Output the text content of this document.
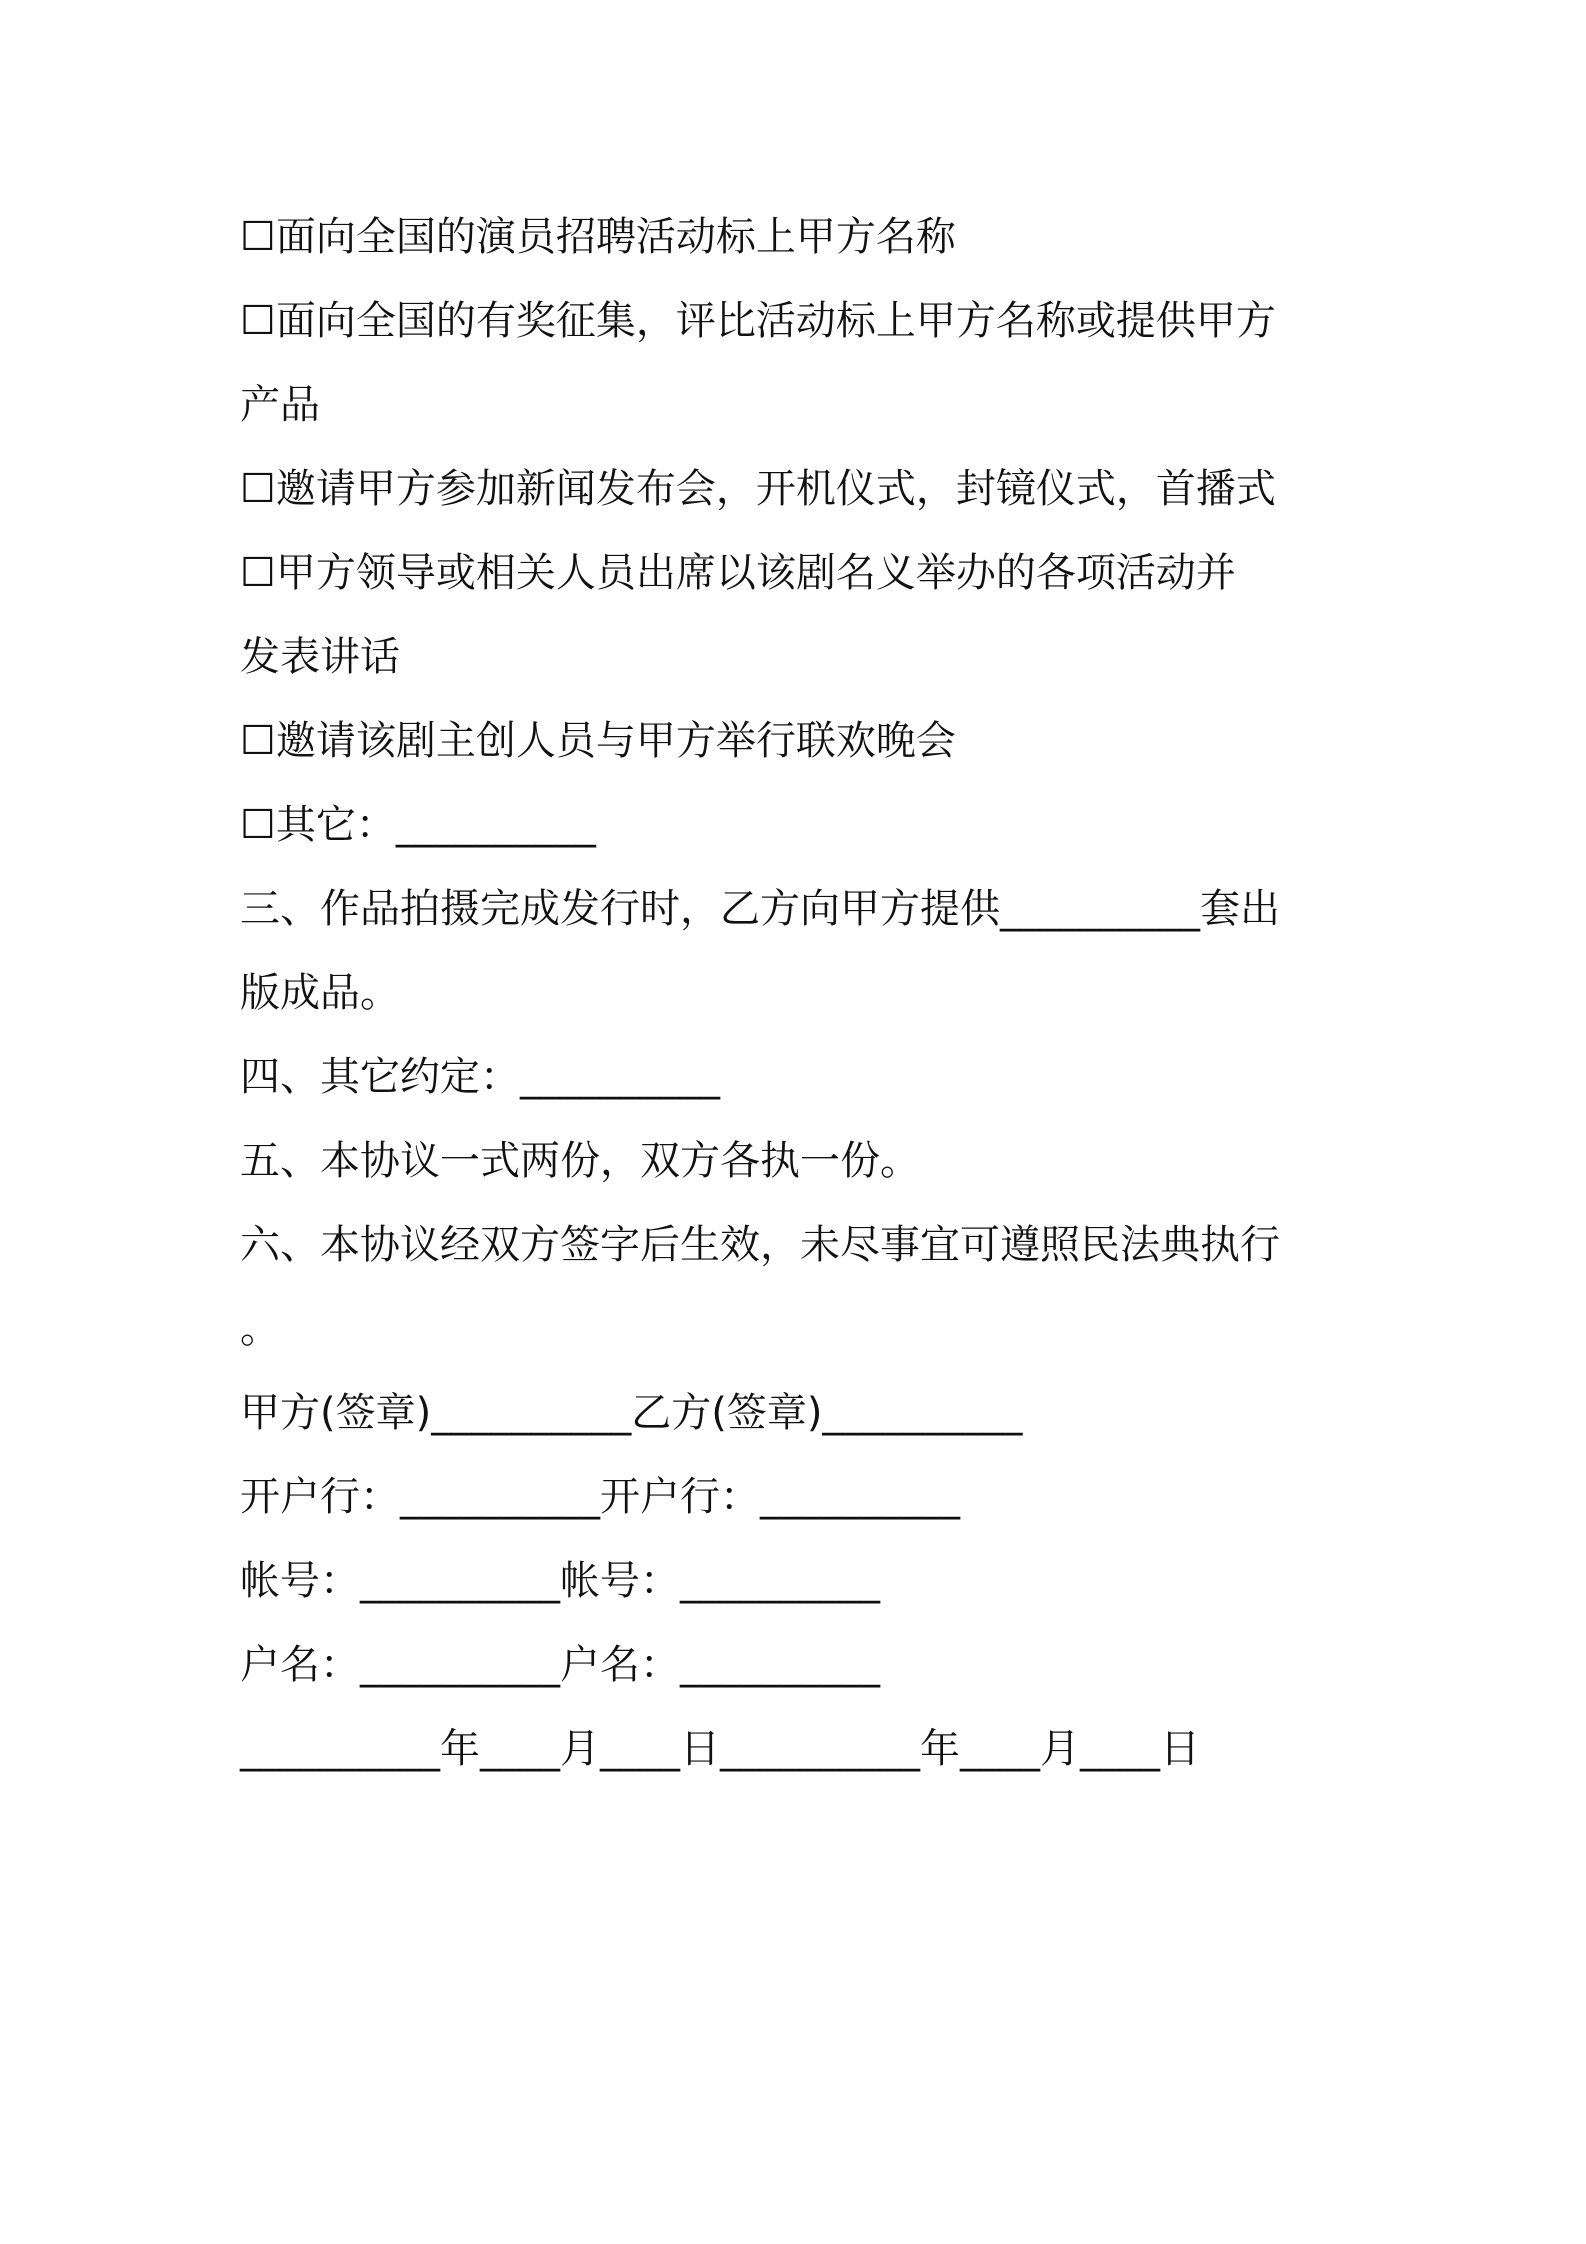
☐面向全国的演员招聘活动标上甲方名称
☐面向全国的有奖征集，评比活动标上甲方名称或提供甲方
产品
☐邀请甲方参加新闻发布会，开机仪式，封镜仪式，首播式
☐甲方领导或相关人员出席以该剧名义举办的各项活动并
发表讲话
☐邀请该剧主创人员与甲方举行联欢晚会
☐其它：__________
三、作品拍摄完成发行时，乙方向甲方提供__________套出
版成品。
四、其它约定：__________
五、本协议一式两份，双方各执一份。
六、本协议经双方签字后生效，未尽事宜可遵照民法典执行
。
甲方(签章)__________乙方(签章)__________
开户行：__________开户行：__________
帐号：__________帐号：__________
户名：__________户名：__________
__________年____月____日__________年____月____日
